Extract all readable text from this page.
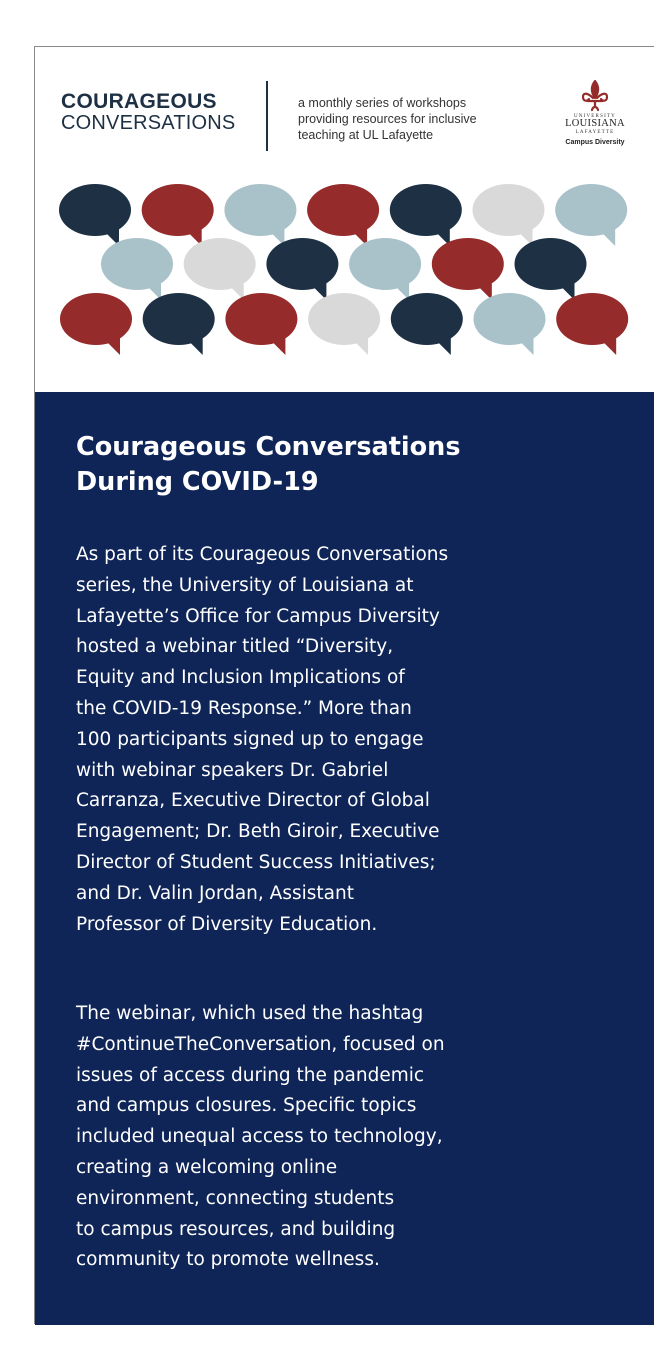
COURAGEOUS
CONVERSATIONS
a monthly series of workshops
providing resources for inclusive
teaching at UL Lafayette
UNIVERSITY
LOUISIANA
LAFAYETTE
Campus Diversity
Courageous Conversations
During COVID-19

As part of its Courageous Conversations
series, the University of Louisiana at
Lafayette’s Office for Campus Diversity
hosted a webinar titled “Diversity,
Equity and Inclusion Implications of
the COVID-19 Response.” More than
100 participants signed up to engage
with webinar speakers Dr. Gabriel
Carranza, Executive Director of Global
Engagement; Dr. Beth Giroir, Executive
Director of Student Success Initiatives;
and Dr. Valin Jordan, Assistant
Professor of Diversity Education.

The webinar, which used the hashtag
#ContinueTheConversation, focused on
issues of access during the pandemic
and campus closures. Specific topics
included unequal access to technology,
creating a welcoming online
environment, connecting students
to campus resources, and building
community to promote wellness.
